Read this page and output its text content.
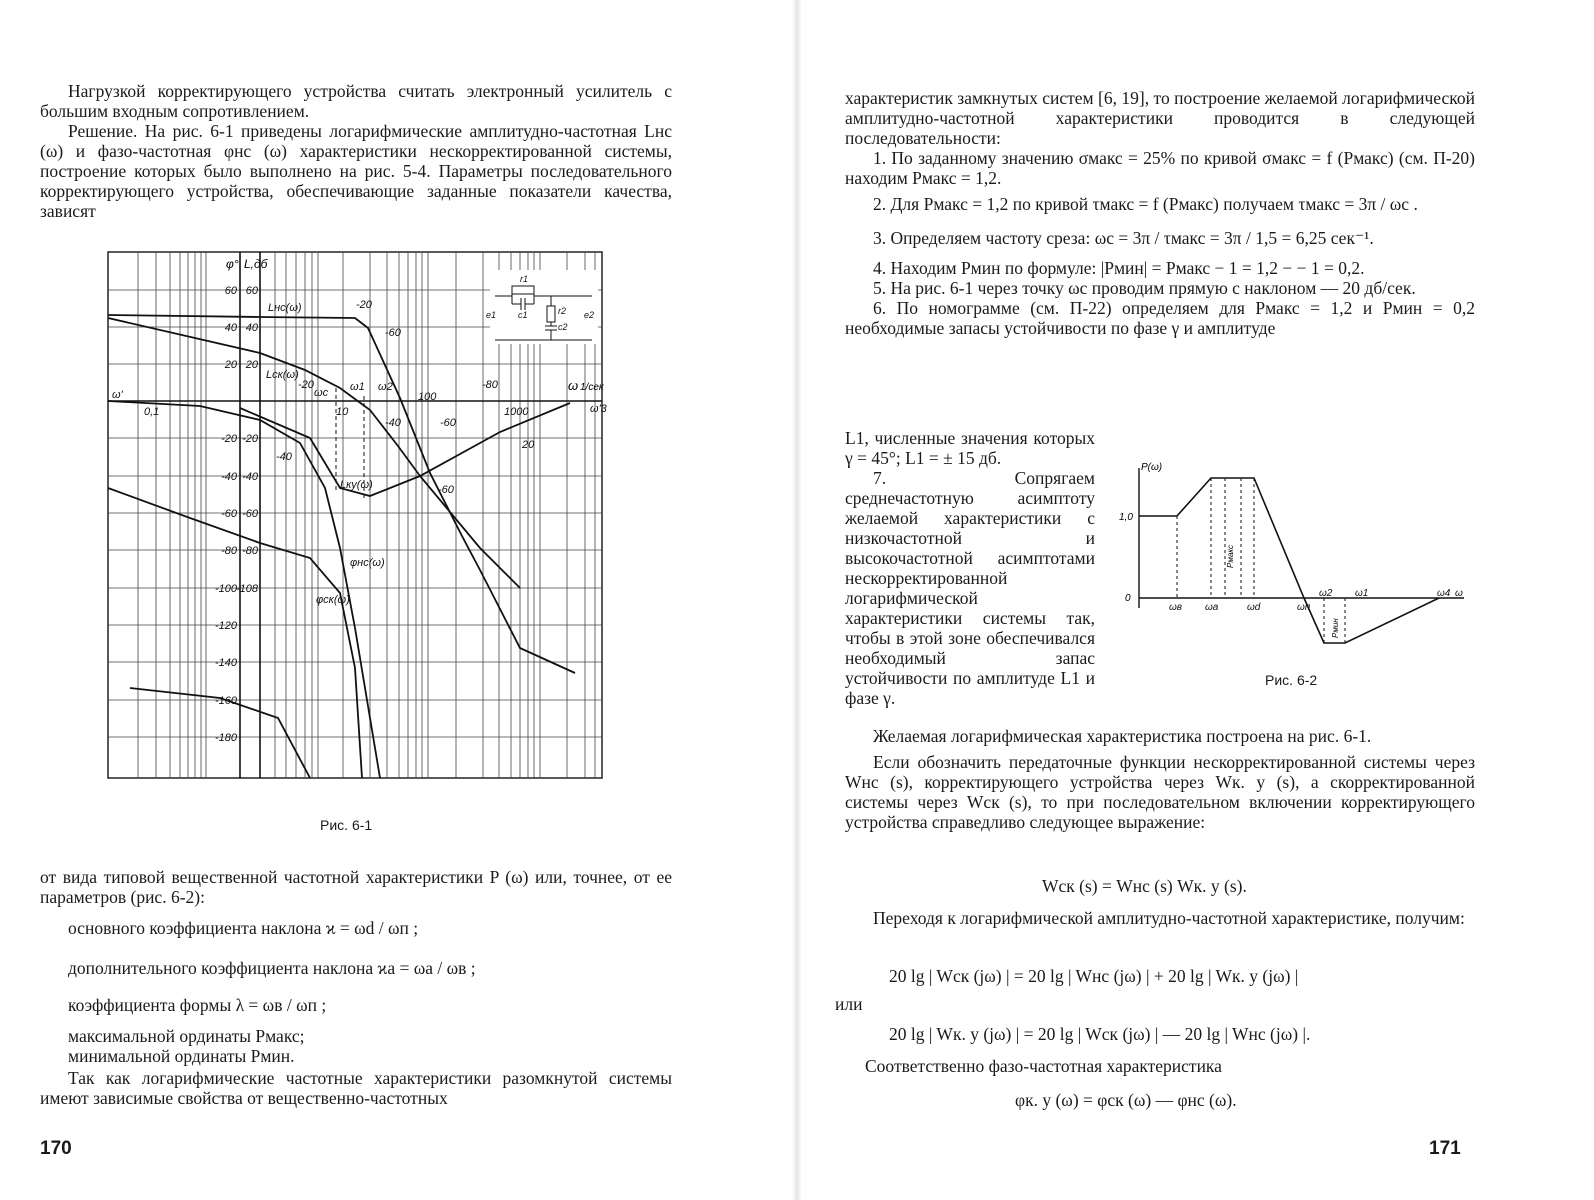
Нагрузкой корректирующего устройства считать электронный усилитель с большим входным сопротивлением.

Решение. На рис. 6-1 приведены логарифмические амплитудно-частотная Lнс (ω) и фазо-частотная φнс (ω) характеристики нескорректированной системы, построение которых было выполнено на рис. 5-4. Параметры последовательного корректирующего устройства, обеспечивающие заданные показатели качества, зависят

60
40
20
-20
-40
-60
-80
-100
-120
-140
-160
-180
60
40
20
-20
-40
-60
-80
-108
φ° L,дб
0,1	10
100
1000
ω 1/сек
r1
c1	r2
c2
e1	e2
Lнс(ω)
Lск(ω)
Lку(ω)
φнс(ω)
φск(ω)
-20
-60
-20
-40	-60
-80
-40
20
-60
ω'	ωс ω1 ω2
ω'3
Рис. 6-1

от вида типовой вещественной частотной характеристики P (ω) или, точнее, от ее параметров (рис. 6-2):

основного коэффициента наклона ϰ = ωd / ωп ;
дополнительного коэффициента наклона ϰa = ωa / ωв ;
коэффициента формы λ = ωв / ωп ;
максимальной ординаты Pмакс;
минимальной ординаты Pмин.

Так как логарифмические частотные характеристики разомкнутой системы имеют зависимые свойства от вещественно-частотных

170

характеристик замкнутых систем [6, 19], то построение желаемой логарифмической амплитудно-частотной характеристики проводится в следующей последовательности:

1. По заданному значению σмакс = 25% по кривой σмакс = f (Pмакс) (см. П-20) находим Pмакс = 1,2.

2. Для Pмакс = 1,2 по кривой τмакс = f (Pмакс) получаем τмакс = 3π / ωс .

3. Определяем частоту среза: ωс = 3π / τмакс = 3π / 1,5 = 6,25 сек⁻¹.

4. Находим Pмин по формуле: |Pмин| = Pмакс − 1 = 1,2 − − 1 = 0,2.

5. На рис. 6-1 через точку ωс проводим прямую с наклоном — 20 дб/сек.

6. По номограмме (см. П-22) определяем для Pмакс = 1,2 и Pмин = 0,2 необходимые запасы устойчивости по фазе γ и амплитуде

L1, численные значения которых γ = 45°; L1 = ± 15 дб.

7. Сопрягаем среднечастотную асимптоту желаемой характеристики с низкочастотной и высокочастотной асимптотами нескорректированной логарифмической характеристики системы так, чтобы в этой зоне обеспечивался необходимый запас устойчивости по амплитуде L1 и фазе γ.

P(ω)
1,0
0
ωв ωа	ωd	ωп
ω2 ω1	ω4 ω
Pмакс
Pмин
Рис. 6-2

Желаемая логарифмическая характеристика построена на рис. 6-1.

Если обозначить передаточные функции нескорректированной системы через Wнс (s), корректирующего устройства через Wк. у (s), а скорректированной системы через Wск (s), то при последовательном включении корректирующего устройства справедливо следующее выражение:

Wск (s) = Wнс (s) Wк. у (s).

Переходя к логарифмической амплитудно-частотной характеристике, получим:

20 lg | Wск (jω) | = 20 lg | Wнс (jω) | + 20 lg | Wк. у (jω) |
или
20 lg | Wк. у (jω) | = 20 lg | Wск (jω) | — 20 lg | Wнс (jω) |.
Соответственно фазо-частотная характеристика
φк. у (ω) = φск (ω) — φнс (ω).
171
